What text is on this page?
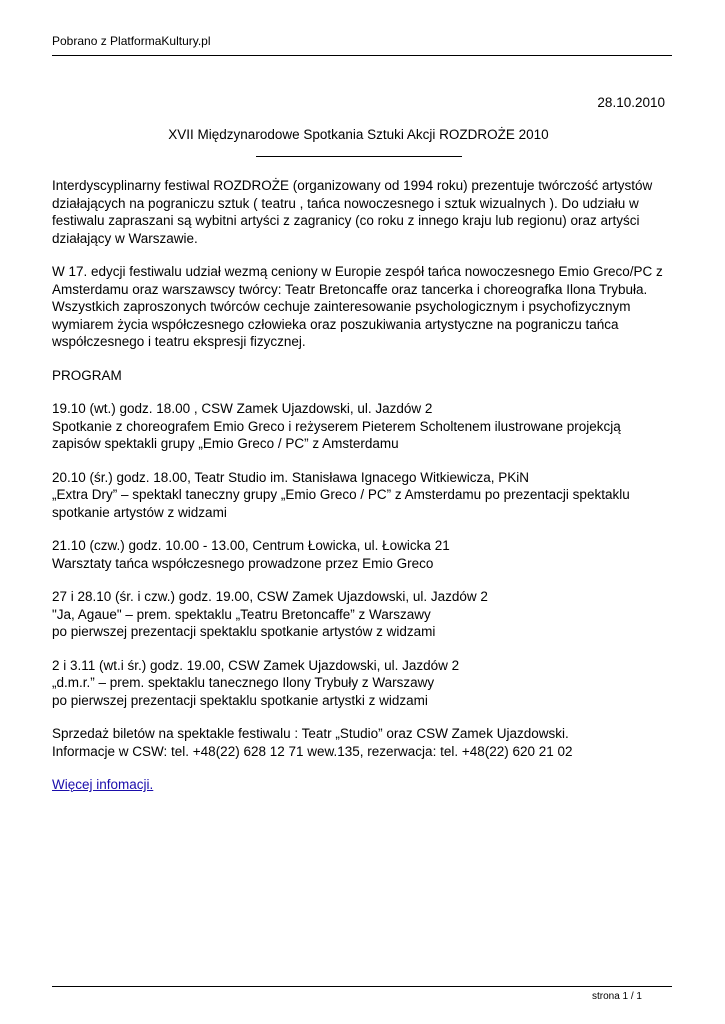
Pobrano z PlatformaKultury.pl
28.10.2010
XVII Międzynarodowe Spotkania Sztuki Akcji ROZDROŻE 2010

Interdyscyplinarny festiwal ROZDROŻE (organizowany od 1994 roku) prezentuje twórczość artystów
działających na pograniczu sztuk ( teatru , tańca nowoczesnego i sztuk wizualnych ). Do udziału w
festiwalu zapraszani są wybitni artyści z zagranicy (co roku z innego kraju lub regionu) oraz artyści
działający w Warszawie.

W 17. edycji festiwalu udział wezmą ceniony w Europie zespół tańca nowoczesnego Emio Greco/PC z
Amsterdamu oraz warszawscy twórcy: Teatr Bretoncaffe oraz tancerka i choreografka Ilona Trybuła.
Wszystkich zaproszonych twórców cechuje zainteresowanie psychologicznym i psychofizycznym
wymiarem życia współczesnego człowieka oraz poszukiwania artystyczne na pograniczu tańca
współczesnego i teatru ekspresji fizycznej.

PROGRAM

19.10 (wt.) godz. 18.00 , CSW Zamek Ujazdowski, ul. Jazdów 2
Spotkanie z choreografem Emio Greco i reżyserem Pieterem Scholtenem ilustrowane projekcją
zapisów spektakli grupy „Emio Greco / PC” z Amsterdamu

20.10 (śr.) godz. 18.00, Teatr Studio im. Stanisława Ignacego Witkiewicza, PKiN
„Extra Dry” – spektakl taneczny grupy „Emio Greco / PC” z Amsterdamu po prezentacji spektaklu
spotkanie artystów z widzami

21.10 (czw.) godz. 10.00 - 13.00, Centrum Łowicka, ul. Łowicka 21
Warsztaty tańca współczesnego prowadzone przez Emio Greco

27 i 28.10 (śr. i czw.) godz. 19.00, CSW Zamek Ujazdowski, ul. Jazdów 2
"Ja, Agaue" – prem. spektaklu „Teatru Bretoncaffe” z Warszawy
po pierwszej prezentacji spektaklu spotkanie artystów z widzami

2 i 3.11 (wt.i śr.) godz. 19.00, CSW Zamek Ujazdowski, ul. Jazdów 2
„d.m.r.” – prem. spektaklu tanecznego Ilony Trybuły z Warszawy
po pierwszej prezentacji spektaklu spotkanie artystki z widzami

Sprzedaż biletów na spektakle festiwalu : Teatr „Studio” oraz CSW Zamek Ujazdowski.
Informacje w CSW: tel. +48(22) 628 12 71 wew.135, rezerwacja: tel. +48(22) 620 21 02

Więcej infomacji.

strona 1 / 1
